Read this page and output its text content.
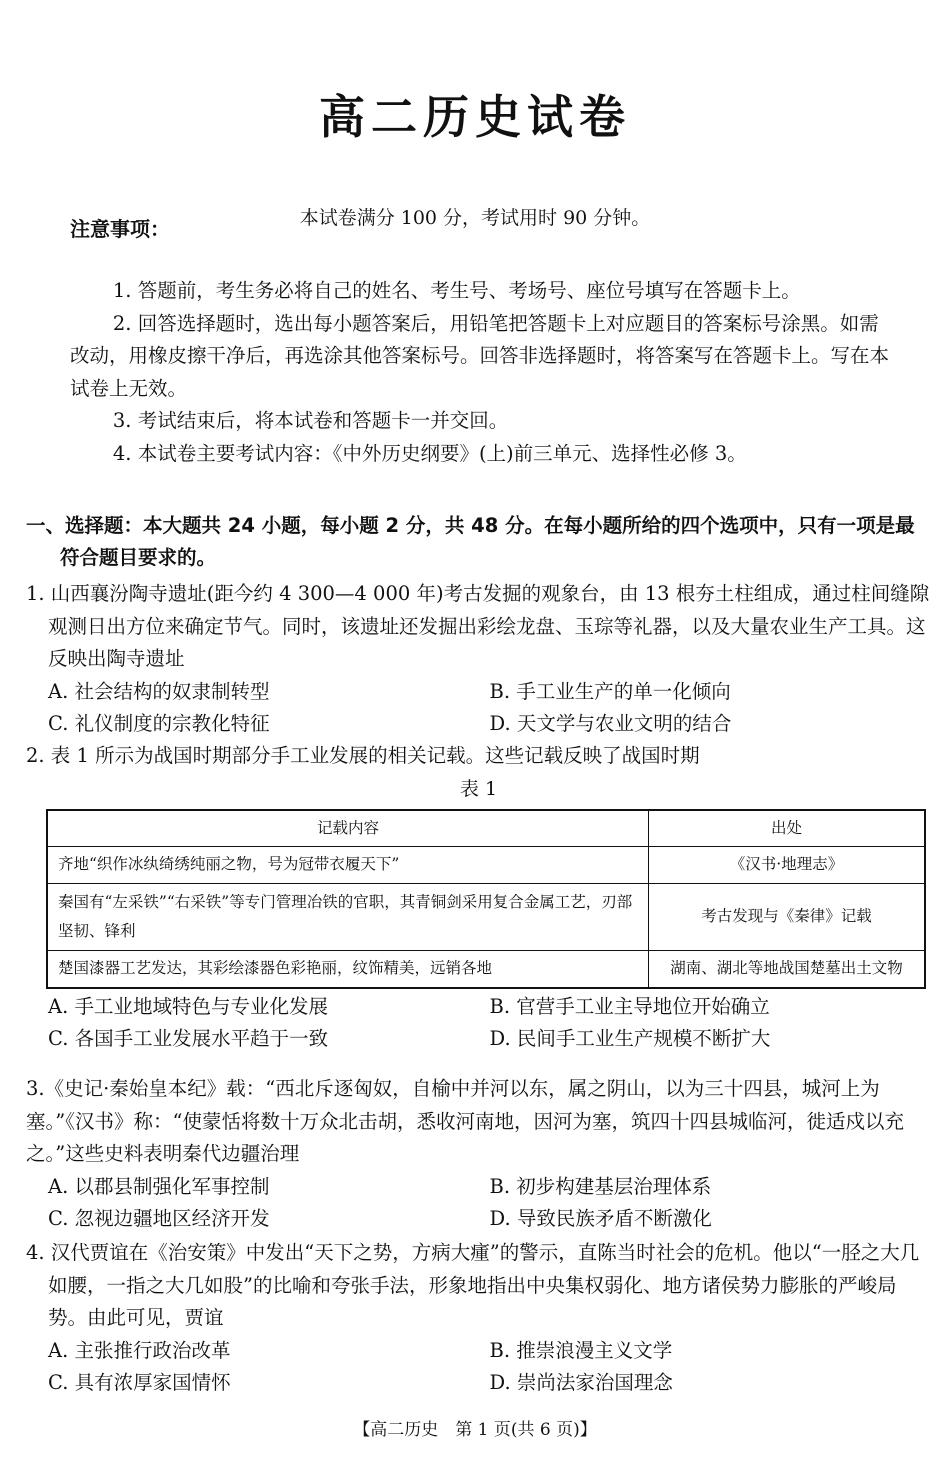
高二历史试卷
本试卷满分 100 分，考试用时 90 分钟。
注意事项：

1. 答题前，考生务必将自己的姓名、考生号、考场号、座位号填写在答题卡上。

2. 回答选择题时，选出每小题答案后，用铅笔把答题卡上对应题目的答案标号涂黑。如需改动，用橡皮擦干净后，再选涂其他答案标号。回答非选择题时，将答案写在答题卡上。写在本试卷上无效。

3. 考试结束后，将本试卷和答题卡一并交回。

4. 本试卷主要考试内容：《中外历史纲要》(上)前三单元、选择性必修 3。

一、选择题：本大题共 24 小题，每小题 2 分，共 48 分。在每小题所给的四个选项中，只有一项是最符合题目要求的。

1. 山西襄汾陶寺遗址(距今约 4 300—4 000 年)考古发掘的观象台，由 13 根夯土柱组成，通过柱间缝隙观测日出方位来确定节气。同时，该遗址还发掘出彩绘龙盘、玉琮等礼器，以及大量农业生产工具。这反映出陶寺遗址

A. 社会结构的奴隶制转型	B. 手工业生产的单一化倾向
C. 礼仪制度的宗教化特征	D. 天文学与农业文明的结合

2. 表 1 所示为战国时期部分手工业发展的相关记载。这些记载反映了战国时期

表 1

记载内容	出处
齐地“织作冰纨绮绣纯丽之物，号为冠带衣履天下”	《汉书·地理志》
秦国有“左采铁”“右采铁”等专门管理冶铁的官职，其青铜剑采用复合金属工艺，刃部坚韧、锋利	考古发现与《秦律》记载
楚国漆器工艺发达，其彩绘漆器色彩艳丽，纹饰精美，远销各地	湖南、湖北等地战国楚墓出土文物
A. 手工业地域特色与专业化发展	B. 官营手工业主导地位开始确立
C. 各国手工业发展水平趋于一致	D. 民间手工业生产规模不断扩大

3.《史记·秦始皇本纪》载：“西北斥逐匈奴，自榆中并河以东，属之阴山，以为三十四县，城河上为塞。”《汉书》称：“使蒙恬将数十万众北击胡，悉收河南地，因河为塞，筑四十四县城临河，徙适戍以充之。”这些史料表明秦代边疆治理

A. 以郡县制强化军事控制	B. 初步构建基层治理体系
C. 忽视边疆地区经济开发	D. 导致民族矛盾不断激化

4. 汉代贾谊在《治安策》中发出“天下之势，方病大瘇”的警示，直陈当时社会的危机。他以“一胫之大几如腰，一指之大几如股”的比喻和夸张手法，形象地指出中央集权弱化、地方诸侯势力膨胀的严峻局势。由此可见，贾谊

A. 主张推行政治改革	B. 推崇浪漫主义文学
C. 具有浓厚家国情怀	D. 崇尚法家治国理念
【高二历史　第 1 页(共 6 页)】
